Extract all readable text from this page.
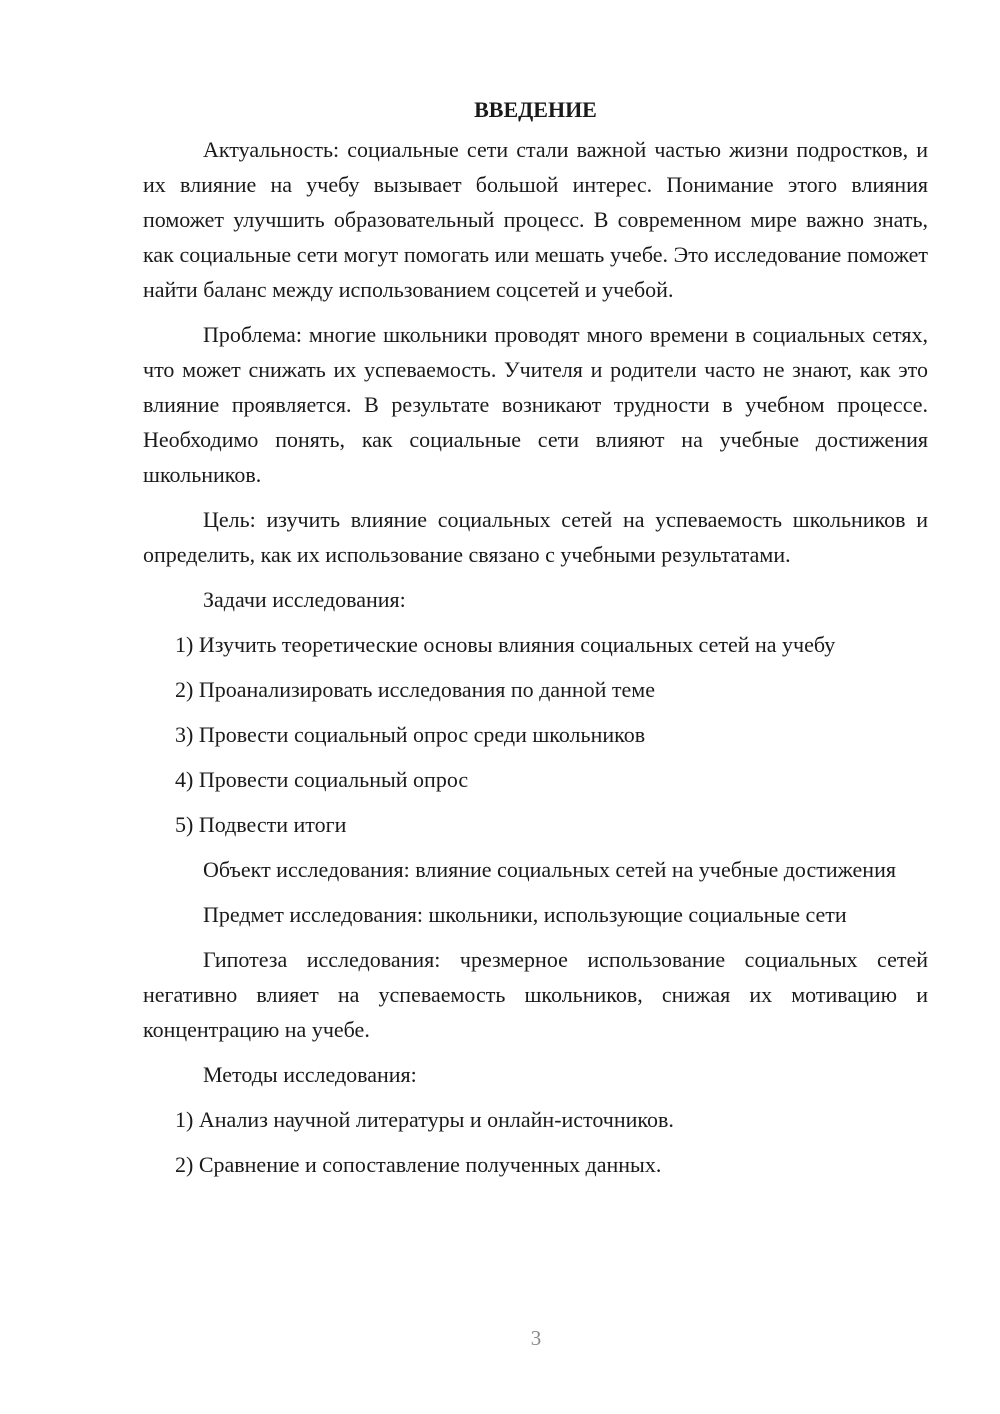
ВВЕДЕНИЕ

Актуальность: социальные сети стали важной частью жизни подростков, и их влияние на учебу вызывает большой интерес. Понимание этого влияния поможет улучшить образовательный процесс. В современном мире важно знать, как социальные сети могут помогать или мешать учебе. Это исследование поможет найти баланс между использованием соцсетей и учебой.

Проблема: многие школьники проводят много времени в социальных сетях, что может снижать их успеваемость. Учителя и родители часто не знают, как это влияние проявляется. В результате возникают трудности в учебном процессе. Необходимо понять, как социальные сети влияют на учебные достижения школьников.

Цель: изучить влияние социальных сетей на успеваемость школьников и определить, как их использование связано с учебными результатами.

Задачи исследования:

1) Изучить теоретические основы влияния социальных сетей на учебу
2) Проанализировать исследования по данной теме
3) Провести социальный опрос среди школьников
4) Провести социальный опрос
5) Подвести итоги

Объект исследования: влияние социальных сетей на учебные достижения

Предмет исследования: школьники, использующие социальные сети

Гипотеза исследования: чрезмерное использование социальных сетей негативно влияет на успеваемость школьников, снижая их мотивацию и концентрацию на учебе.

Методы исследования:

1) Анализ научной литературы и онлайн-источников.
2) Сравнение и сопоставление полученных данных.
3
